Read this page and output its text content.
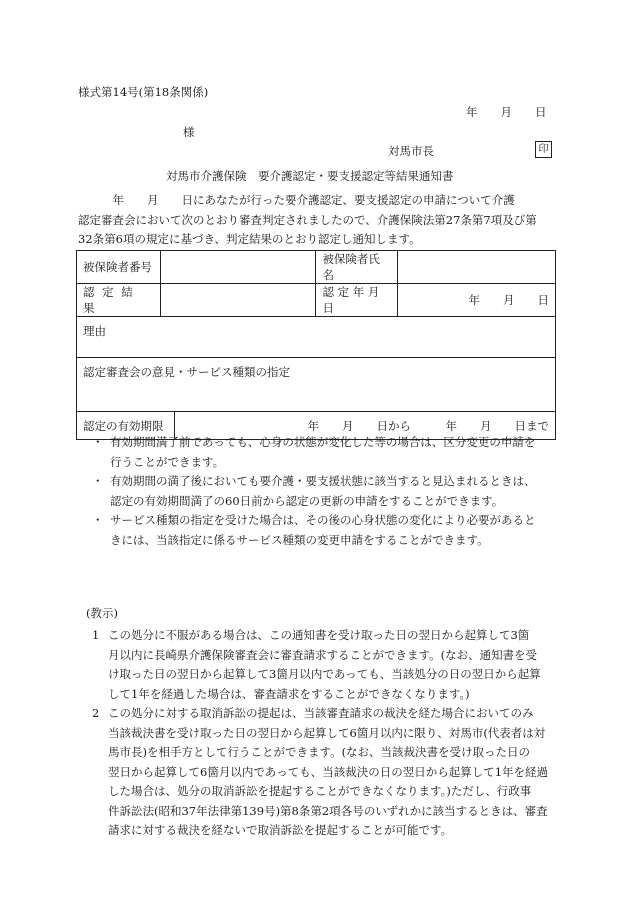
様式第14号(第18条関係)
年　　月　　日
様
対馬市長	印
対馬市介護保険　要介護認定・要支援認定等結果通知書
　　　年　　月　　日にあなたが行った要介護認定、要支援認定の申請について介護
認定審査会において次のとおり審査判定されましたので、介護保険法第27条第7項及び第
32条第6項の規定に基づき、判定結果のとおり認定し通知します。
被保険者番号			被保険者氏名	
認 定 結 果			認 定 年 月 日	年　　月　　日
理由				
認定審査会の意見・サービス種類の指定				
認定の有効期限		年　　月　　日から　　　年　　月　　日まで		
・ 有効期間満了前であっても、心身の状態が変化した等の場合は、区分変更の申請を
行うことができます。
・ 有効期間の満了後においても要介護・要支援状態に該当すると見込まれるときは、
認定の有効期間満了の60日前から認定の更新の申請をすることができます。
・ サービス種類の指定を受けた場合は、その後の心身状態の変化により必要があると
きには、当該指定に係るサービス種類の変更申請をすることができます。
(教示)
1 この処分に不服がある場合は、この通知書を受け取った日の翌日から起算して3箇
月以内に長崎県介護保険審査会に審査請求することができます。(なお、通知書を受
け取った日の翌日から起算して3箇月以内であっても、当該処分の日の翌日から起算
して1年を経過した場合は、審査請求をすることができなくなります。)
2 この処分に対する取消訴訟の提起は、当該審査請求の裁決を経た場合においてのみ
当該裁決書を受け取った日の翌日から起算して6箇月以内に限り、対馬市(代表者は対
馬市長)を相手方として行うことができます。(なお、当該裁決書を受け取った日の
翌日から起算して6箇月以内であっても、当該裁決の日の翌日から起算して1年を経過
した場合は、処分の取消訴訟を提起することができなくなります。)ただし、行政事
件訴訟法(昭和37年法律第139号)第8条第2項各号のいずれかに該当するときは、審査
請求に対する裁決を経ないで取消訴訟を提起することが可能です。
